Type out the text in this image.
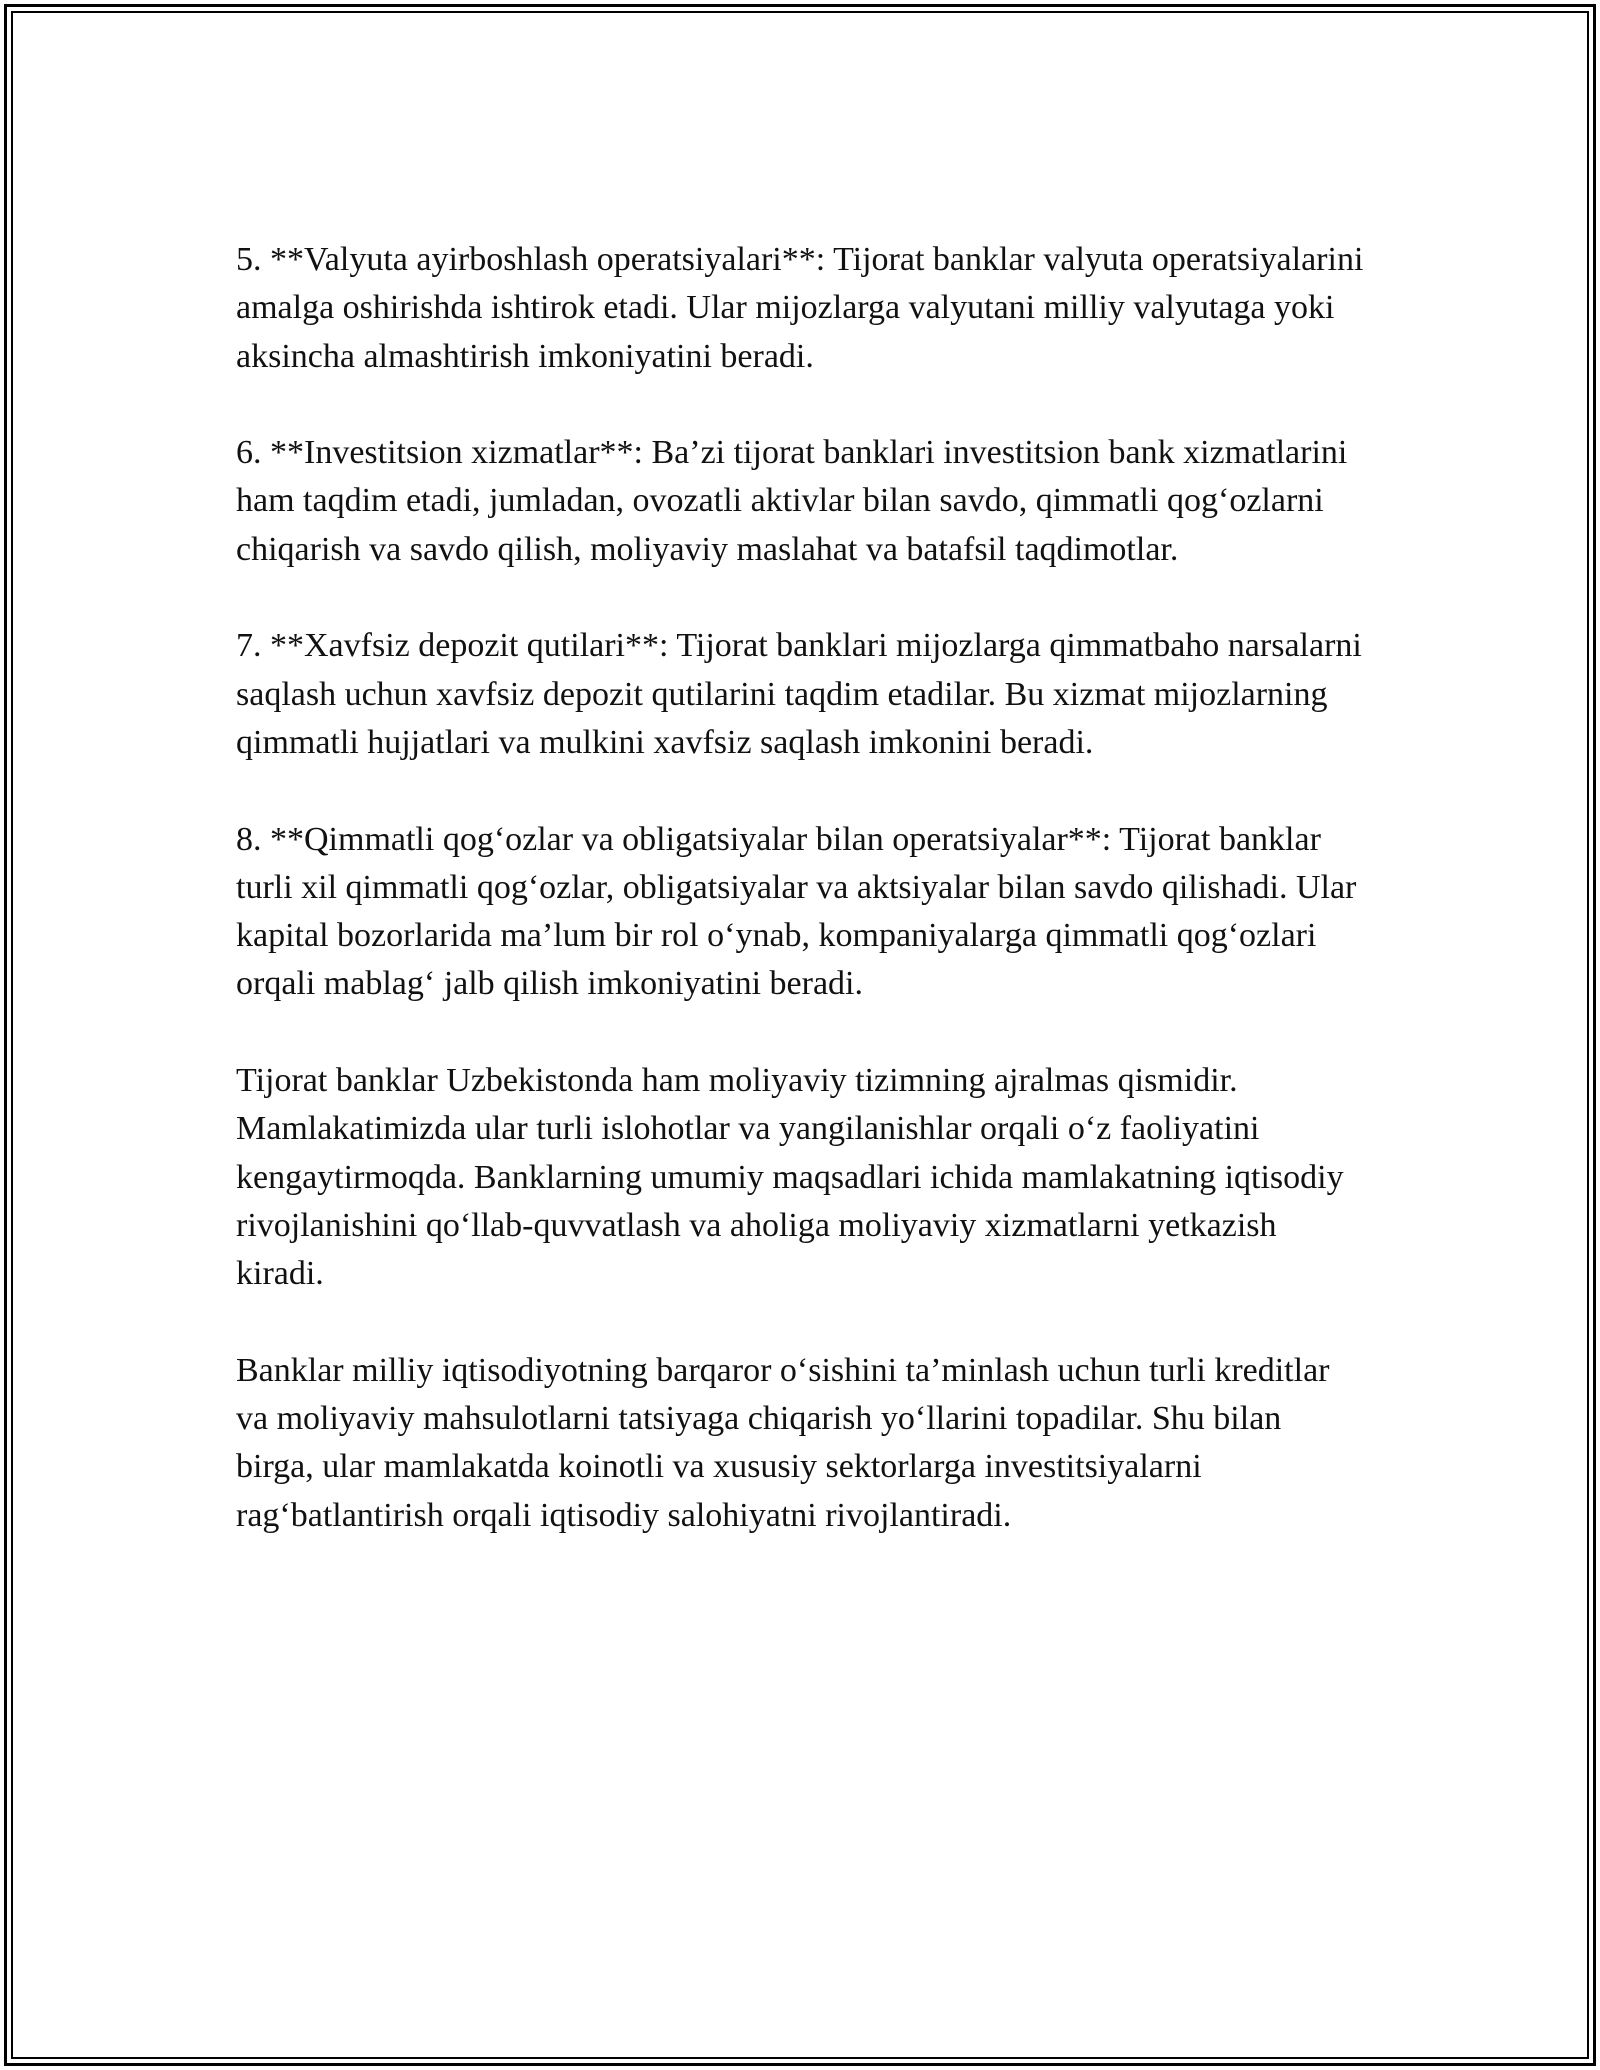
5. **Valyuta ayirboshlash operatsiyalari**: Tijorat banklar valyuta operatsiyalarini amalga oshirishda ishtirok etadi. Ular mijozlarga valyutani milliy valyutaga yoki aksincha almashtirish imkoniyatini beradi.

6. **Investitsion xizmatlar**: Ba’zi tijorat banklari investitsion bank xizmatlarini ham taqdim etadi, jumladan, ovozatli aktivlar bilan savdo, qimmatli qog‘ozlarni chiqarish va savdo qilish, moliyaviy maslahat va batafsil taqdimotlar.

7. **Xavfsiz depozit qutilari**: Tijorat banklari mijozlarga qimmatbaho narsalarni saqlash uchun xavfsiz depozit qutilarini taqdim etadilar. Bu xizmat mijozlarning qimmatli hujjatlari va mulkini xavfsiz saqlash imkonini beradi.

8. **Qimmatli qog‘ozlar va obligatsiyalar bilan operatsiyalar**: Tijorat banklar turli xil qimmatli qog‘ozlar, obligatsiyalar va aktsiyalar bilan savdo qilishadi. Ular kapital bozorlarida ma’lum bir rol o‘ynab, kompaniyalarga qimmatli qog‘ozlari orqali mablag‘ jalb qilish imkoniyatini beradi.

Tijorat banklar Uzbekistonda ham moliyaviy tizimning ajralmas qismidir. Mamlakatimizda ular turli islohotlar va yangilanishlar orqali o‘z faoliyatini kengaytirmoqda. Banklarning umumiy maqsadlari ichida mamlakatning iqtisodiy rivojlanishini qo‘llab-quvvatlash va aholiga moliyaviy xizmatlarni yetkazish kiradi.

Banklar milliy iqtisodiyotning barqaror o‘sishini ta’minlash uchun turli kreditlar va moliyaviy mahsulotlarni tatsiyaga chiqarish yo‘llarini topadilar. Shu bilan birga, ular mamlakatda koinotli va xususiy sektorlarga investitsiyalarni rag‘batlantirish orqali iqtisodiy salohiyatni rivojlantiradi.
